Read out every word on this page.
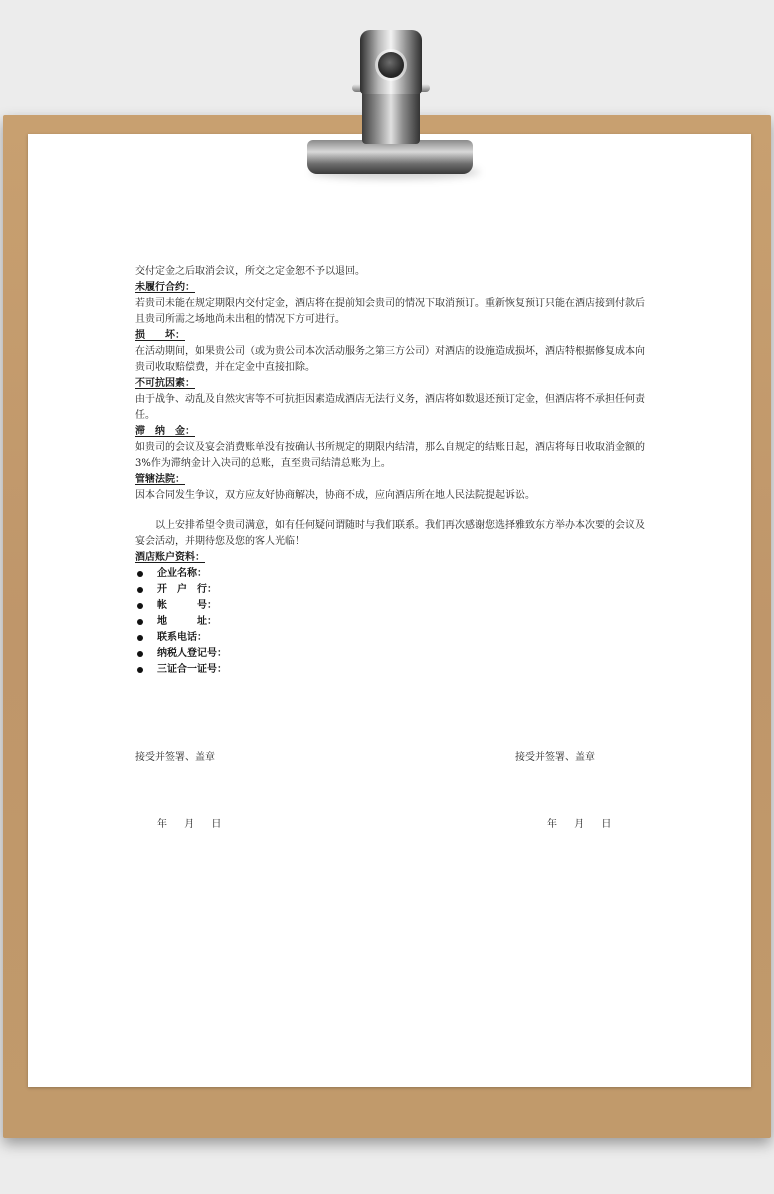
交付定金之后取消会议，所交之定金恕不予以退回。

未履行合约：

若贵司未能在规定期限内交付定金，酒店将在提前知会贵司的情况下取消预订。重新恢复预订只能在酒店接到付款后且贵司所需之场地尚未出租的情况下方可进行。

损　　坏：

在活动期间，如果贵公司（或为贵公司本次活动服务之第三方公司）对酒店的设施造成损坏，酒店特根据修复成本向贵司收取赔偿费，并在定金中直接扣除。

不可抗因素：

由于战争、动乱及自然灾害等不可抗拒因素造成酒店无法行义务，酒店将如数退还预订定金，但酒店将不承担任何责任。

滞　纳　金：

如贵司的会议及宴会消费账单没有按确认书所规定的期限内结清，那么自规定的结账日起，酒店将每日收取消金额的 3%作为滞纳金计入决司的总账，直至贵司结清总账为上。

管辖法院：

因本合同发生争议，双方应友好协商解决，协商不成，应向酒店所在地人民法院提起诉讼。

以上安排希望令贵司满意，如有任何疑问谓随时与我们联系。我们再次感谢您选择雅致东方举办本次要的会议及宴会活动，并期待您及您的客人光临！

酒店账户资料：

企业名称：
开　户　行：
帐　　　号：
地　　　址：
联系电话：
纳税人登记号：
三证合一证号：
接受并签署、盖章	接受并签署、盖章
年 月 日	年 月 日
